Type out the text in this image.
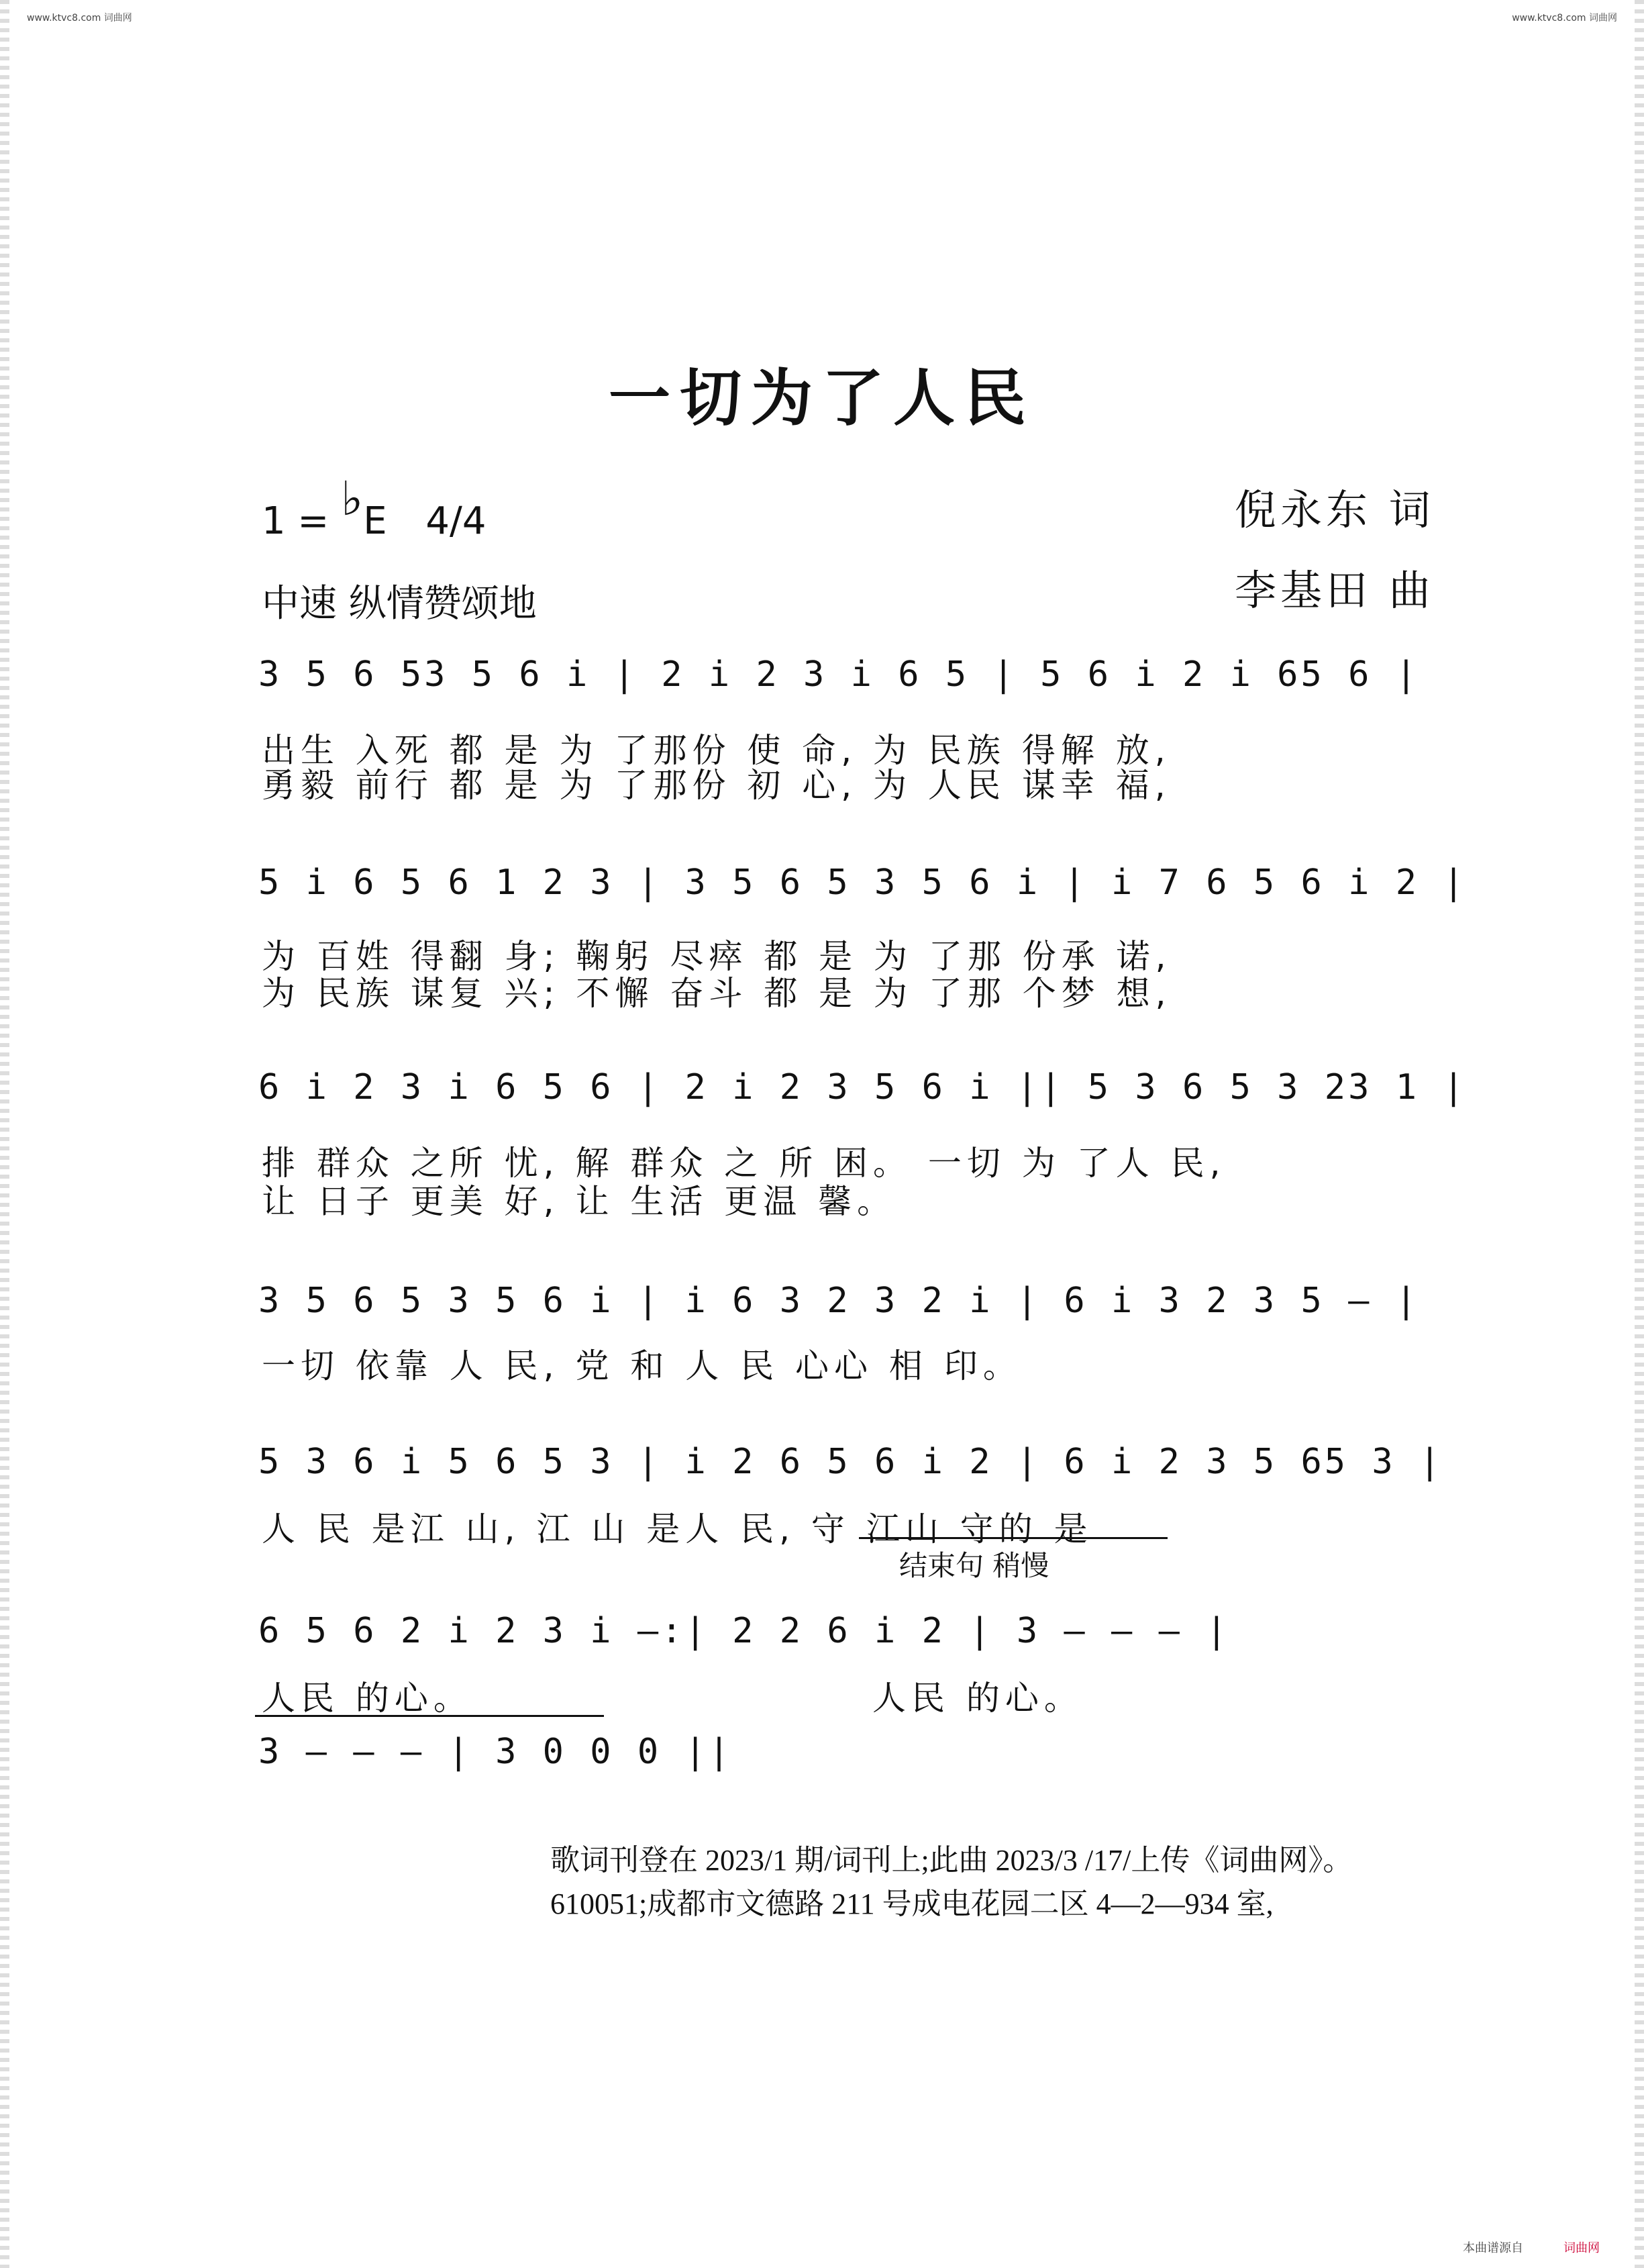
www.ktvc8.com 词曲网	www.ktvc8.com 词曲网
一切为了人民
1 = ♭E 4/4
中速 纵情赞颂地
倪永东 词
李基田 曲
3 5 6 53 5 6 i | 2 i 2 3 i 6 5 | 5 6 i 2 i 65 6 |
出生 入死 都 是 为 了那份 使 命, 为 民族 得解 放,
勇毅 前行 都 是 为 了那份 初 心, 为 人民 谋幸 福,
5 i 6 5 6 1 2 3 | 3 5 6 5 3 5 6 i | i 7 6 5 6 i 2 |
为 百姓 得翻 身; 鞠躬 尽瘁 都 是 为 了那 份承 诺,
为 民族 谋复 兴; 不懈 奋斗 都 是 为 了那 个梦 想,
6 i 2 3 i 6 5 6 | 2 i 2 3 5 6 i || 5 3 6 5 3 23 1 |
排 群众 之所 忧, 解 群众 之 所 困。 一切 为 了人 民,
让 日子 更美 好, 让 生活 更温 馨。
3 5 6 5 3 5 6 i | i 6 3 2 3 2 i | 6 i 3 2 3 5 — |
一切 依靠 人 民, 党 和 人 民 心心 相 印。
5 3 6 i 5 6 5 3 | i 2 6 5 6 i 2 | 6 i 2 3 5 65 3 |
人 民 是江 山, 江 山 是人 民, 守 江山 守的 是
结束句 稍慢
6 5 6 2 i 2 3 i —:| 2 2 6 i 2 | 3 — — — |
人民 的心。	人民 的心。
3 — — — | 3 0 0 0 ||
歌词刊登在 2023/1 期/词刊上;此曲 2023/3 /17/上传《词曲网》。
610051;成都市文德路 211 号成电花园二区 4—2—934 室,
本曲谱源自	词曲网
